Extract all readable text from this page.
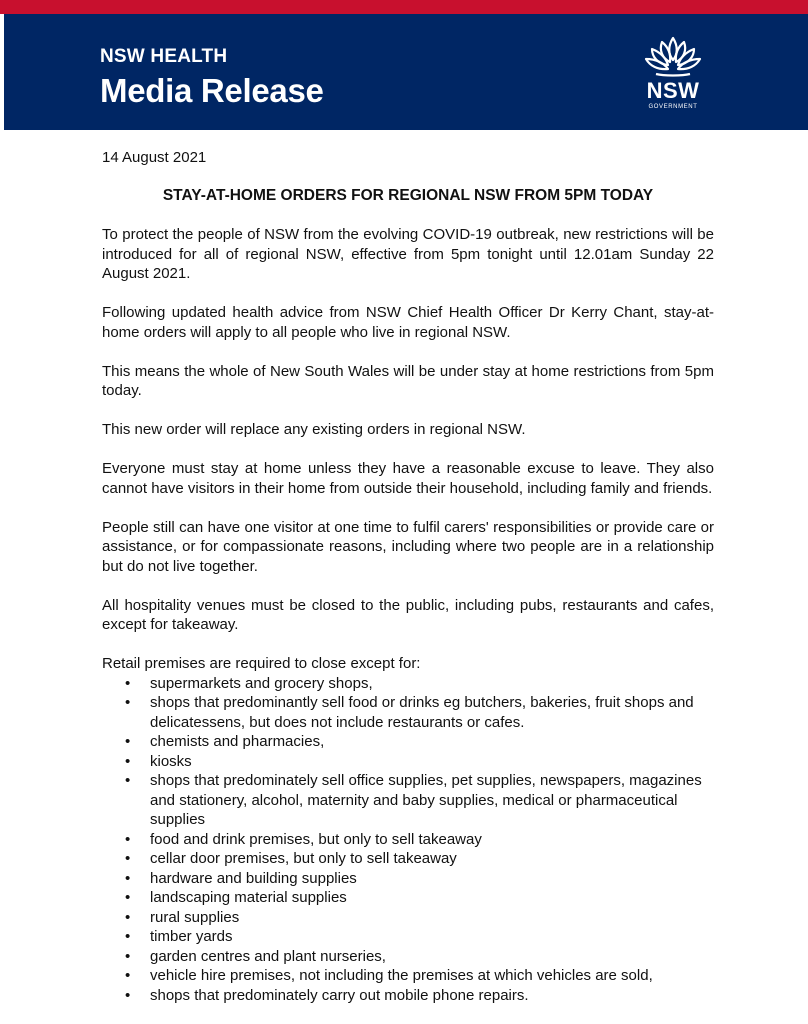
NSW HEALTH
Media Release	NSW
GOVERNMENT

14 August 2021

STAY-AT-HOME ORDERS FOR REGIONAL NSW FROM 5PM TODAY

To protect the people of NSW from the evolving COVID-19 outbreak, new restrictions will be introduced for all of regional NSW, effective from 5pm tonight until 12.01am Sunday 22 August 2021.

Following updated health advice from NSW Chief Health Officer Dr Kerry Chant, stay-at-home orders will apply to all people who live in regional NSW.

This means the whole of New South Wales will be under stay at home restrictions from 5pm today.

This new order will replace any existing orders in regional NSW.

Everyone must stay at home unless they have a reasonable excuse to leave. They also cannot have visitors in their home from outside their household, including family and friends.

People still can have one visitor at one time to fulfil carers' responsibilities or provide care or assistance, or for compassionate reasons, including where two people are in a relationship but do not live together.

All hospitality venues must be closed to the public, including pubs, restaurants and cafes, except for takeaway.

Retail premises are required to close except for:

• supermarkets and grocery shops,
• shops that predominantly sell food or drinks eg butchers, bakeries, fruit shops and delicatessens, but does not include restaurants or cafes.
• chemists and pharmacies,
• kiosks
• shops that predominately sell office supplies, pet supplies, newspapers, magazines and stationery, alcohol, maternity and baby supplies, medical or pharmaceutical supplies
• food and drink premises, but only to sell takeaway
• cellar door premises, but only to sell takeaway
• hardware and building supplies
• landscaping material supplies
• rural supplies
• timber yards
• garden centres and plant nurseries,
• vehicle hire premises, not including the premises at which vehicles are sold,
• shops that predominately carry out mobile phone repairs.
